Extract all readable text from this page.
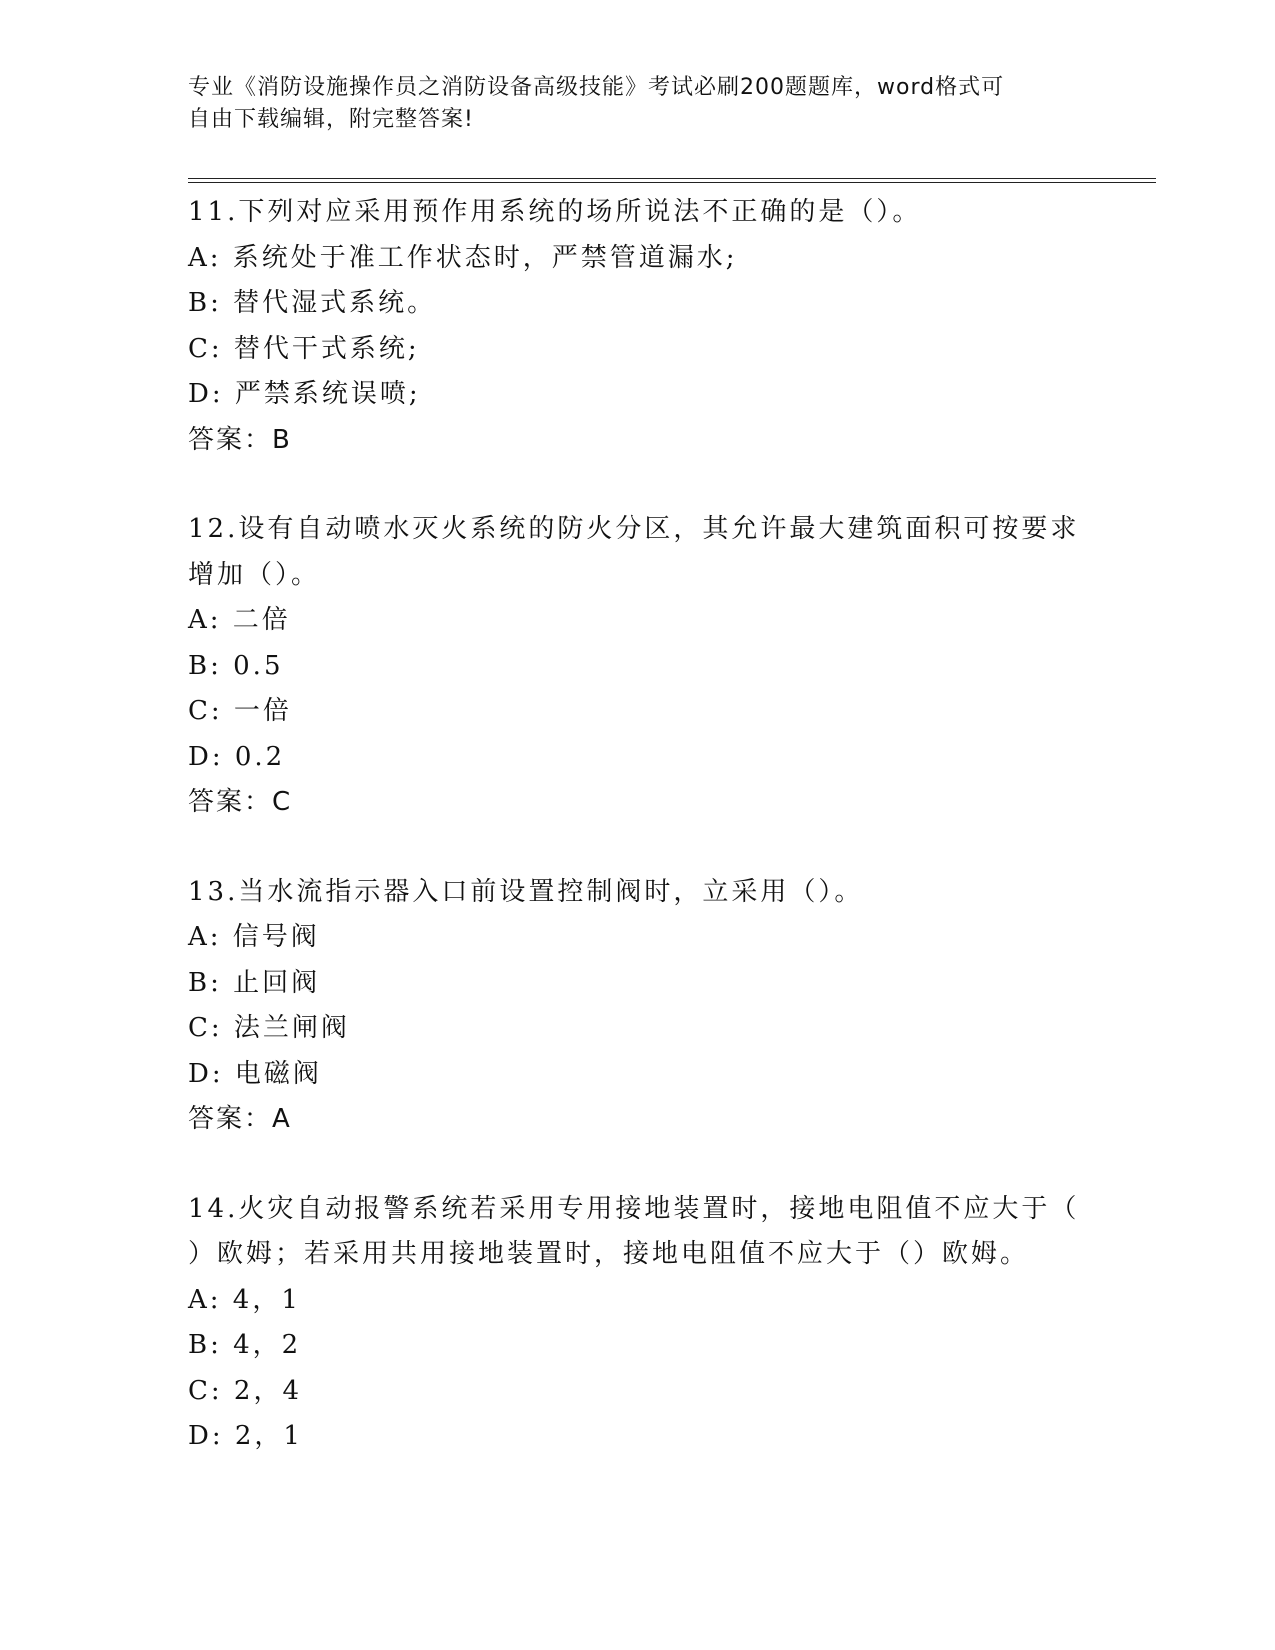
专业《消防设施操作员之消防设备高级技能》考试必刷200题题库，word格式可
自由下载编辑，附完整答案!
11.下列对应采用预作用系统的场所说法不正确的是（）。
A: 系统处于准工作状态时，严禁管道漏水;
B: 替代湿式系统。
C: 替代干式系统;
D: 严禁系统误喷;
答案：B
12.设有自动喷水灭火系统的防火分区，其允许最大建筑面积可按要求
增加（）。
A: 二倍
B: 0.5
C: 一倍
D: 0.2
答案：C
13.当水流指示器入口前设置控制阀时，立采用（）。
A: 信号阀
B: 止回阀
C: 法兰闸阀
D: 电磁阀
答案：A
14.火灾自动报警系统若采用专用接地装置时，接地电阻值不应大于（
）欧姆；若采用共用接地装置时，接地电阻值不应大于（）欧姆。
A: 4，1
B: 4，2
C: 2，4
D: 2，1
